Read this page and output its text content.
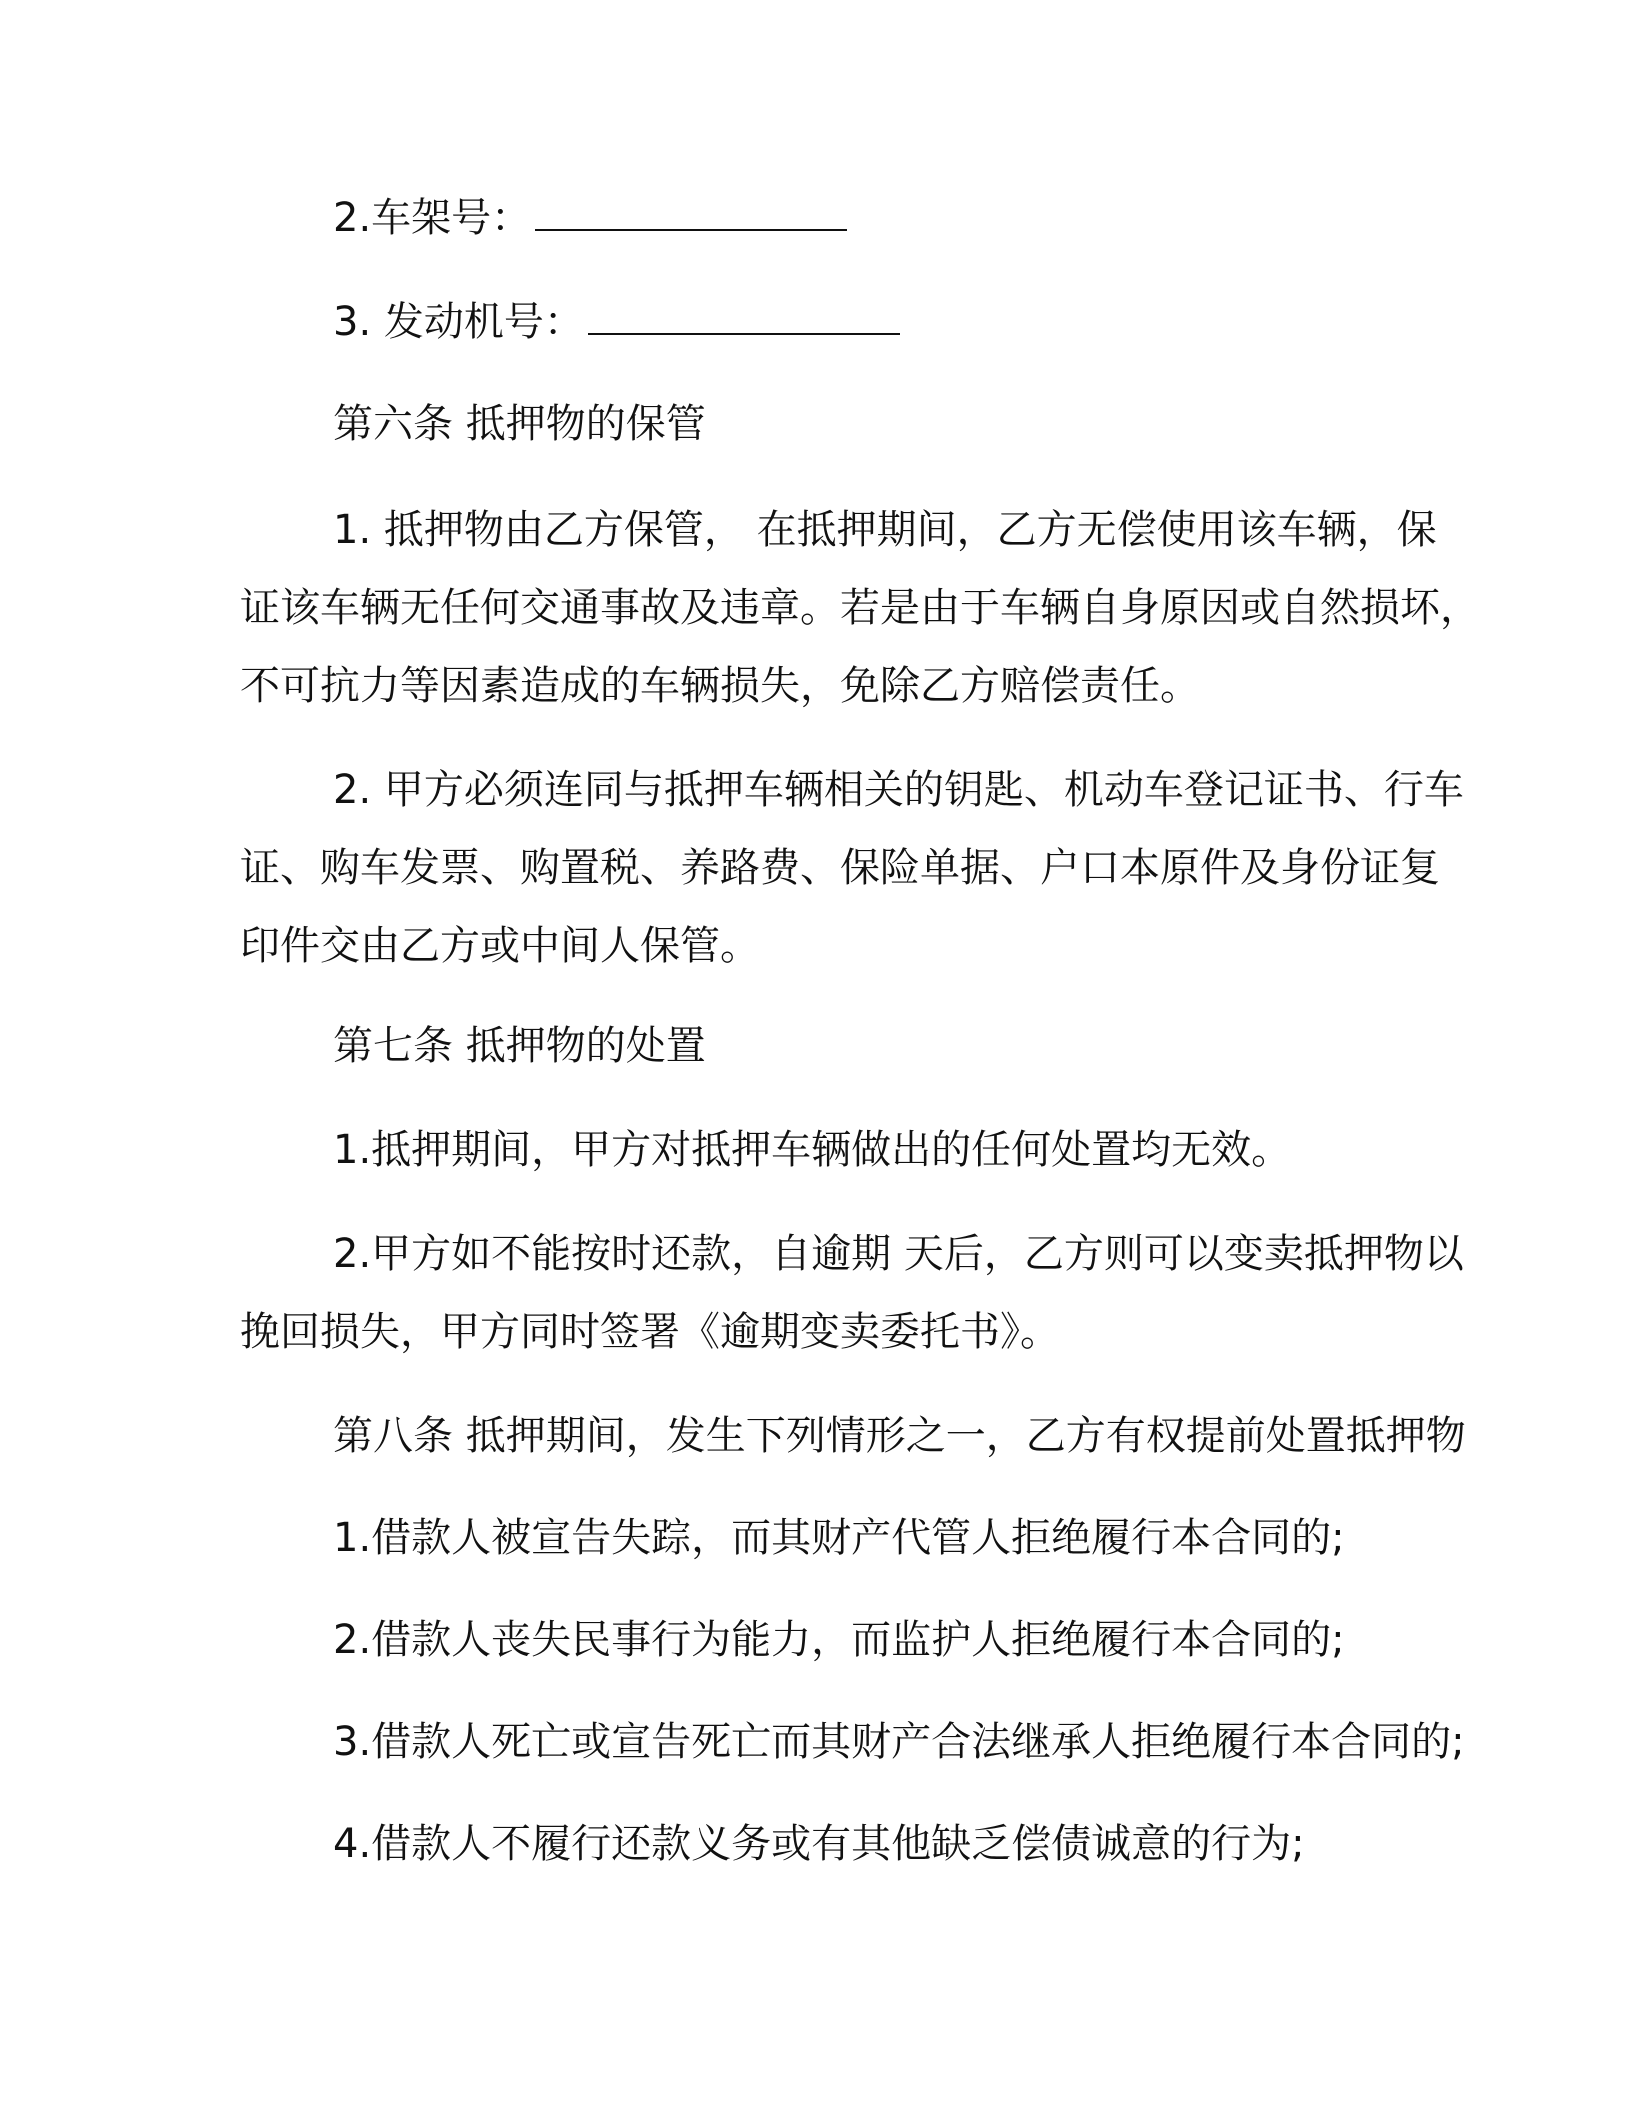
2.车架号：
3. 发动机号：
第六条 抵押物的保管
1. 抵押物由乙方保管， 在抵押期间，乙方无偿使用该车辆，保
证该车辆无任何交通事故及违章。若是由于车辆自身原因或自然损坏，
不可抗力等因素造成的车辆损失，免除乙方赔偿责任。
2. 甲方必须连同与抵押车辆相关的钥匙、机动车登记证书、行车
证、购车发票、购置税、养路费、保险单据、户口本原件及身份证复
印件交由乙方或中间人保管。
第七条 抵押物的处置
1.抵押期间，甲方对抵押车辆做出的任何处置均无效。
2.甲方如不能按时还款，自逾期 天后，乙方则可以变卖抵押物以
挽回损失，甲方同时签署《逾期变卖委托书》。
第八条 抵押期间，发生下列情形之一，乙方有权提前处置抵押物
1.借款人被宣告失踪，而其财产代管人拒绝履行本合同的;
2.借款人丧失民事行为能力，而监护人拒绝履行本合同的;
3.借款人死亡或宣告死亡而其财产合法继承人拒绝履行本合同的;
4.借款人不履行还款义务或有其他缺乏偿债诚意的行为;
